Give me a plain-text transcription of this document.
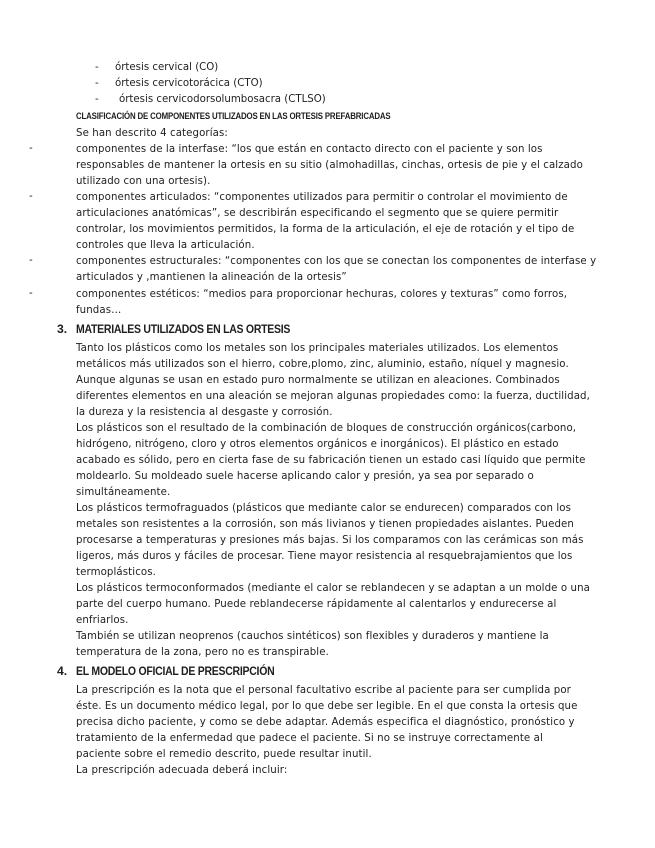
- órtesis cervical (CO)
- órtesis cervicotorácica (CTO)
- órtesis cervicodorsolumbosacra (CTLSO)
CLASIFICACIÓN DE COMPONENTES UTILIZADOS EN LAS ORTESIS PREFABRICADAS
Se han descrito 4 categorías:
-	componentes de la interfase: “los que están en contacto directo con el paciente y son los
responsables de mantener la ortesis en su sitio (almohadillas, cinchas, ortesis de pie y el calzado
utilizado con una ortesis).
-	componentes articulados: “componentes utilizados para permitir o controlar el movimiento de
articulaciones anatómicas”, se describirán especificando el segmento que se quiere permitir
controlar, los movimientos permitidos, la forma de la articulación, el eje de rotación y el tipo de
controles que lleva la articulación.
-	componentes estructurales: “componentes con los que se conectan los componentes de interfase y
articulados y ,mantienen la alineación de la ortesis”
-	componentes estéticos: “medios para proporcionar hechuras, colores y texturas” como forros,
fundas…
3. MATERIALES UTILIZADOS EN LAS ORTESIS
Tanto los plásticos como los metales son los principales materiales utilizados. Los elementos
metálicos más utilizados son el hierro, cobre,plomo, zinc, aluminio, estaño, níquel y magnesio.
Aunque algunas se usan en estado puro normalmente se utilizan en aleaciones. Combinados
diferentes elementos en una aleación se mejoran algunas propiedades como: la fuerza, ductilidad,
la dureza y la resistencia al desgaste y corrosión.
Los plásticos son el resultado de la combinación de bloques de construcción orgánicos(carbono,
hidrógeno, nitrógeno, cloro y otros elementos orgánicos e inorgánicos). El plástico en estado
acabado es sólido, pero en cierta fase de su fabricación tienen un estado casi líquido que permite
moldearlo. Su moldeado suele hacerse aplicando calor y presión, ya sea por separado o
simultáneamente.
Los plásticos termofraguados (plásticos que mediante calor se endurecen) comparados con los
metales son resistentes a la corrosión, son más livianos y tienen propiedades aislantes. Pueden
procesarse a temperaturas y presiones más bajas. Si los comparamos con las cerámicas son más
ligeros, más duros y fáciles de procesar. Tiene mayor resistencia al resquebrajamientos que los
termoplásticos.
Los plásticos termoconformados (mediante el calor se reblandecen y se adaptan a un molde o una
parte del cuerpo humano. Puede reblandecerse rápidamente al calentarlos y endurecerse al
enfriarlos.
También se utilizan neoprenos (cauchos sintéticos) son flexibles y duraderos y mantiene la
temperatura de la zona, pero no es transpirable.
4. EL MODELO OFICIAL DE PRESCRIPCIÓN
La prescripción es la nota que el personal facultativo escribe al paciente para ser cumplida por
éste. Es un documento médico legal, por lo que debe ser legible. En el que consta la ortesis que
precisa dicho paciente, y como se debe adaptar. Además especifica el diagnóstico, pronóstico y
tratamiento de la enfermedad que padece el paciente. Si no se instruye correctamente al
paciente sobre el remedio descrito, puede resultar inutil.
La prescripción adecuada deberá incluir:
